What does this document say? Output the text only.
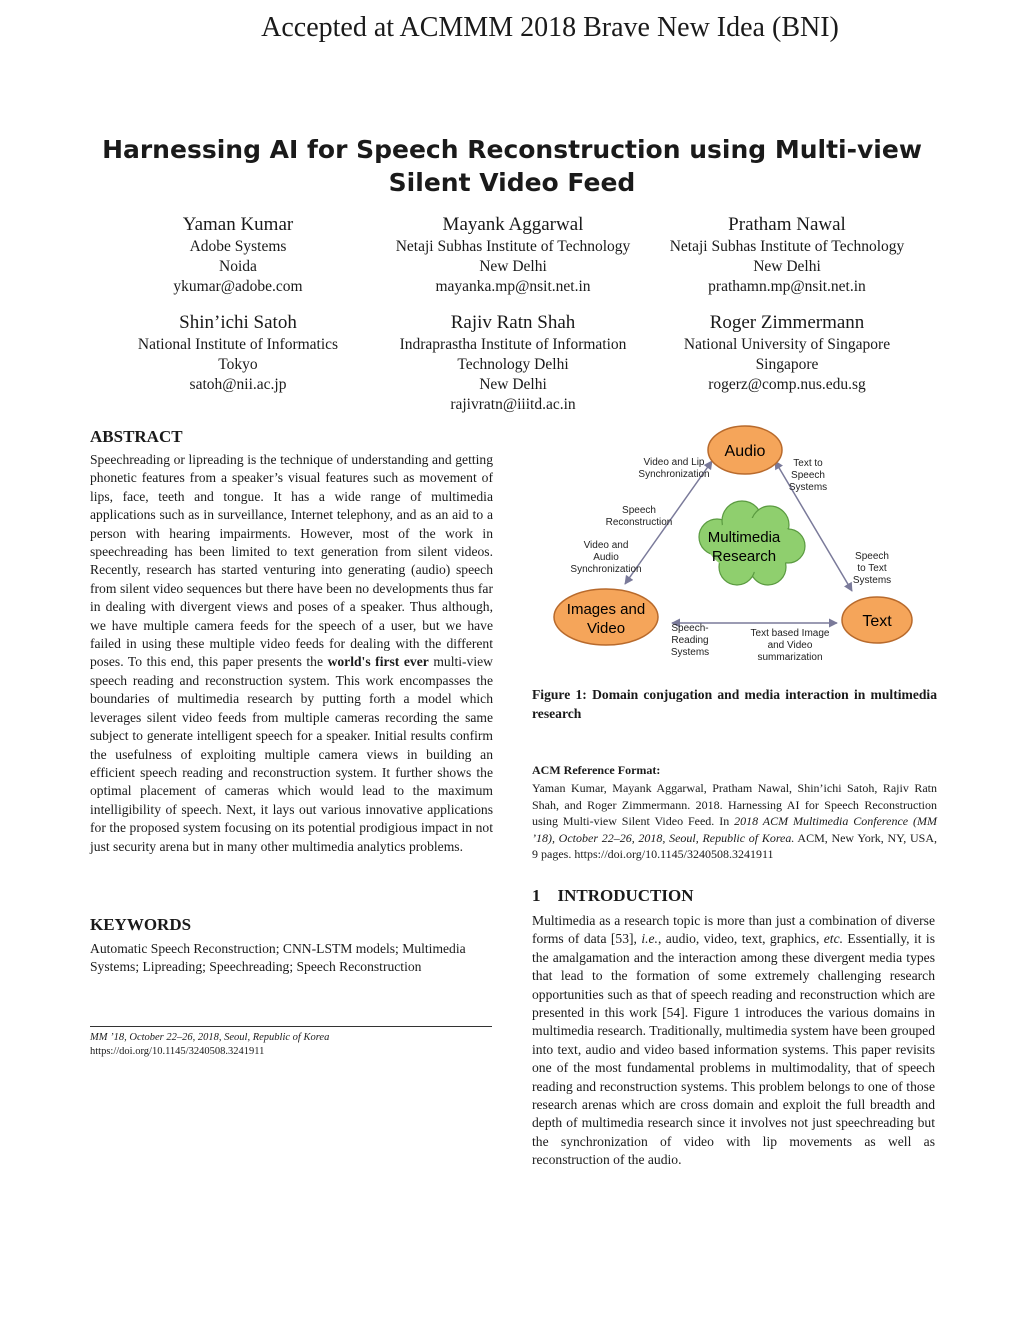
Accepted at ACMMM 2018 Brave New Idea (BNI)
Harnessing AI for Speech Reconstruction using Multi-view
Silent Video Feed
Yaman Kumar
Adobe Systems
Noida
ykumar@adobe.com
Mayank Aggarwal
Netaji Subhas Institute of Technology
New Delhi
mayanka.mp@nsit.net.in
Pratham Nawal
Netaji Subhas Institute of Technology
New Delhi
prathamn.mp@nsit.net.in
Shin’ichi Satoh
National Institute of Informatics
Tokyo
satoh@nii.ac.jp
Rajiv Ratn Shah
Indraprastha Institute of Information
Technology Delhi
New Delhi
rajivratn@iiitd.ac.in
Roger Zimmermann
National University of Singapore
Singapore
rogerz@comp.nus.edu.sg
ABSTRACT

Speechreading or lipreading is the technique of understanding and getting phonetic features from a speaker’s visual features such as movement of lips, face, teeth and tongue. It has a wide range of multimedia applications such as in surveillance, Internet telephony, and as an aid to a person with hearing impairments. However, most of the work in speechreading has been limited to text generation from silent videos. Recently, research has started venturing into generating (audio) speech from silent video sequences but there have been no developments thus far in dealing with divergent views and poses of a speaker. Thus although, we have multiple camera feeds for the speech of a user, but we have failed in using these multiple video feeds for dealing with the different poses. To this end, this paper presents the world's first ever multi-view speech reading and reconstruction system. This work encompasses the boundaries of multimedia research by putting forth a model which leverages silent video feeds from multiple cameras recording the same subject to generate intelligent speech for a speaker. Initial results confirm the usefulness of exploiting multiple camera views in building an efficient speech reading and reconstruction system. It further shows the optimal placement of cameras which would lead to the maximum intelligibility of speech. Next, it lays out various innovative applications for the proposed system focusing on its potential prodigious impact in not just security arena but in many other multimedia analytics problems.

KEYWORDS
Automatic Speech Reconstruction; CNN-LSTM models; Multimedia Systems; Lipreading; Speechreading; Speech Reconstruction
MM ’18, October 22–26, 2018, Seoul, Republic of Korea
https://doi.org/10.1145/3240508.3241911
Audio
Images and
Video	Text
Multimedia
Research
Video and Lip
Synchronization
Text to
Speech
Systems
Speech
Reconstruction
Video and
Audio
Synchronization
Speech
to Text
Systems
Speech-
Reading
Systems
Text based Image
and Video
summarization
Figure 1: Domain conjugation and media interaction in multimedia research
ACM Reference Format:
Yaman Kumar, Mayank Aggarwal, Pratham Nawal, Shin’ichi Satoh, Rajiv Ratn Shah, and Roger Zimmermann. 2018. Harnessing AI for Speech Reconstruction using Multi-view Silent Video Feed. In 2018 ACM Multimedia Conference (MM ’18), October 22–26, 2018, Seoul, Republic of Korea. ACM, New York, NY, USA, 9 pages. https://doi.org/10.1145/3240508.3241911
1    INTRODUCTION

Multimedia as a research topic is more than just a combination of diverse forms of data [53], i.e., audio, video, text, graphics, etc. Essentially, it is the amalgamation and the interaction among these divergent media types that lead to the formation of some extremely challenging research opportunities such as that of speech reading and reconstruction which are presented in this work [54]. Figure 1 introduces the various domains in multimedia research. Traditionally, multimedia system have been grouped into text, audio and video based information systems. This paper revisits one of the most fundamental problems in multimodality, that of speech reading and reconstruction systems. This problem belongs to one of those research arenas which are cross domain and exploit the full breadth and depth of multimedia research since it involves not just speechreading but the synchronization of video with lip movements as well as reconstruction of the audio.
